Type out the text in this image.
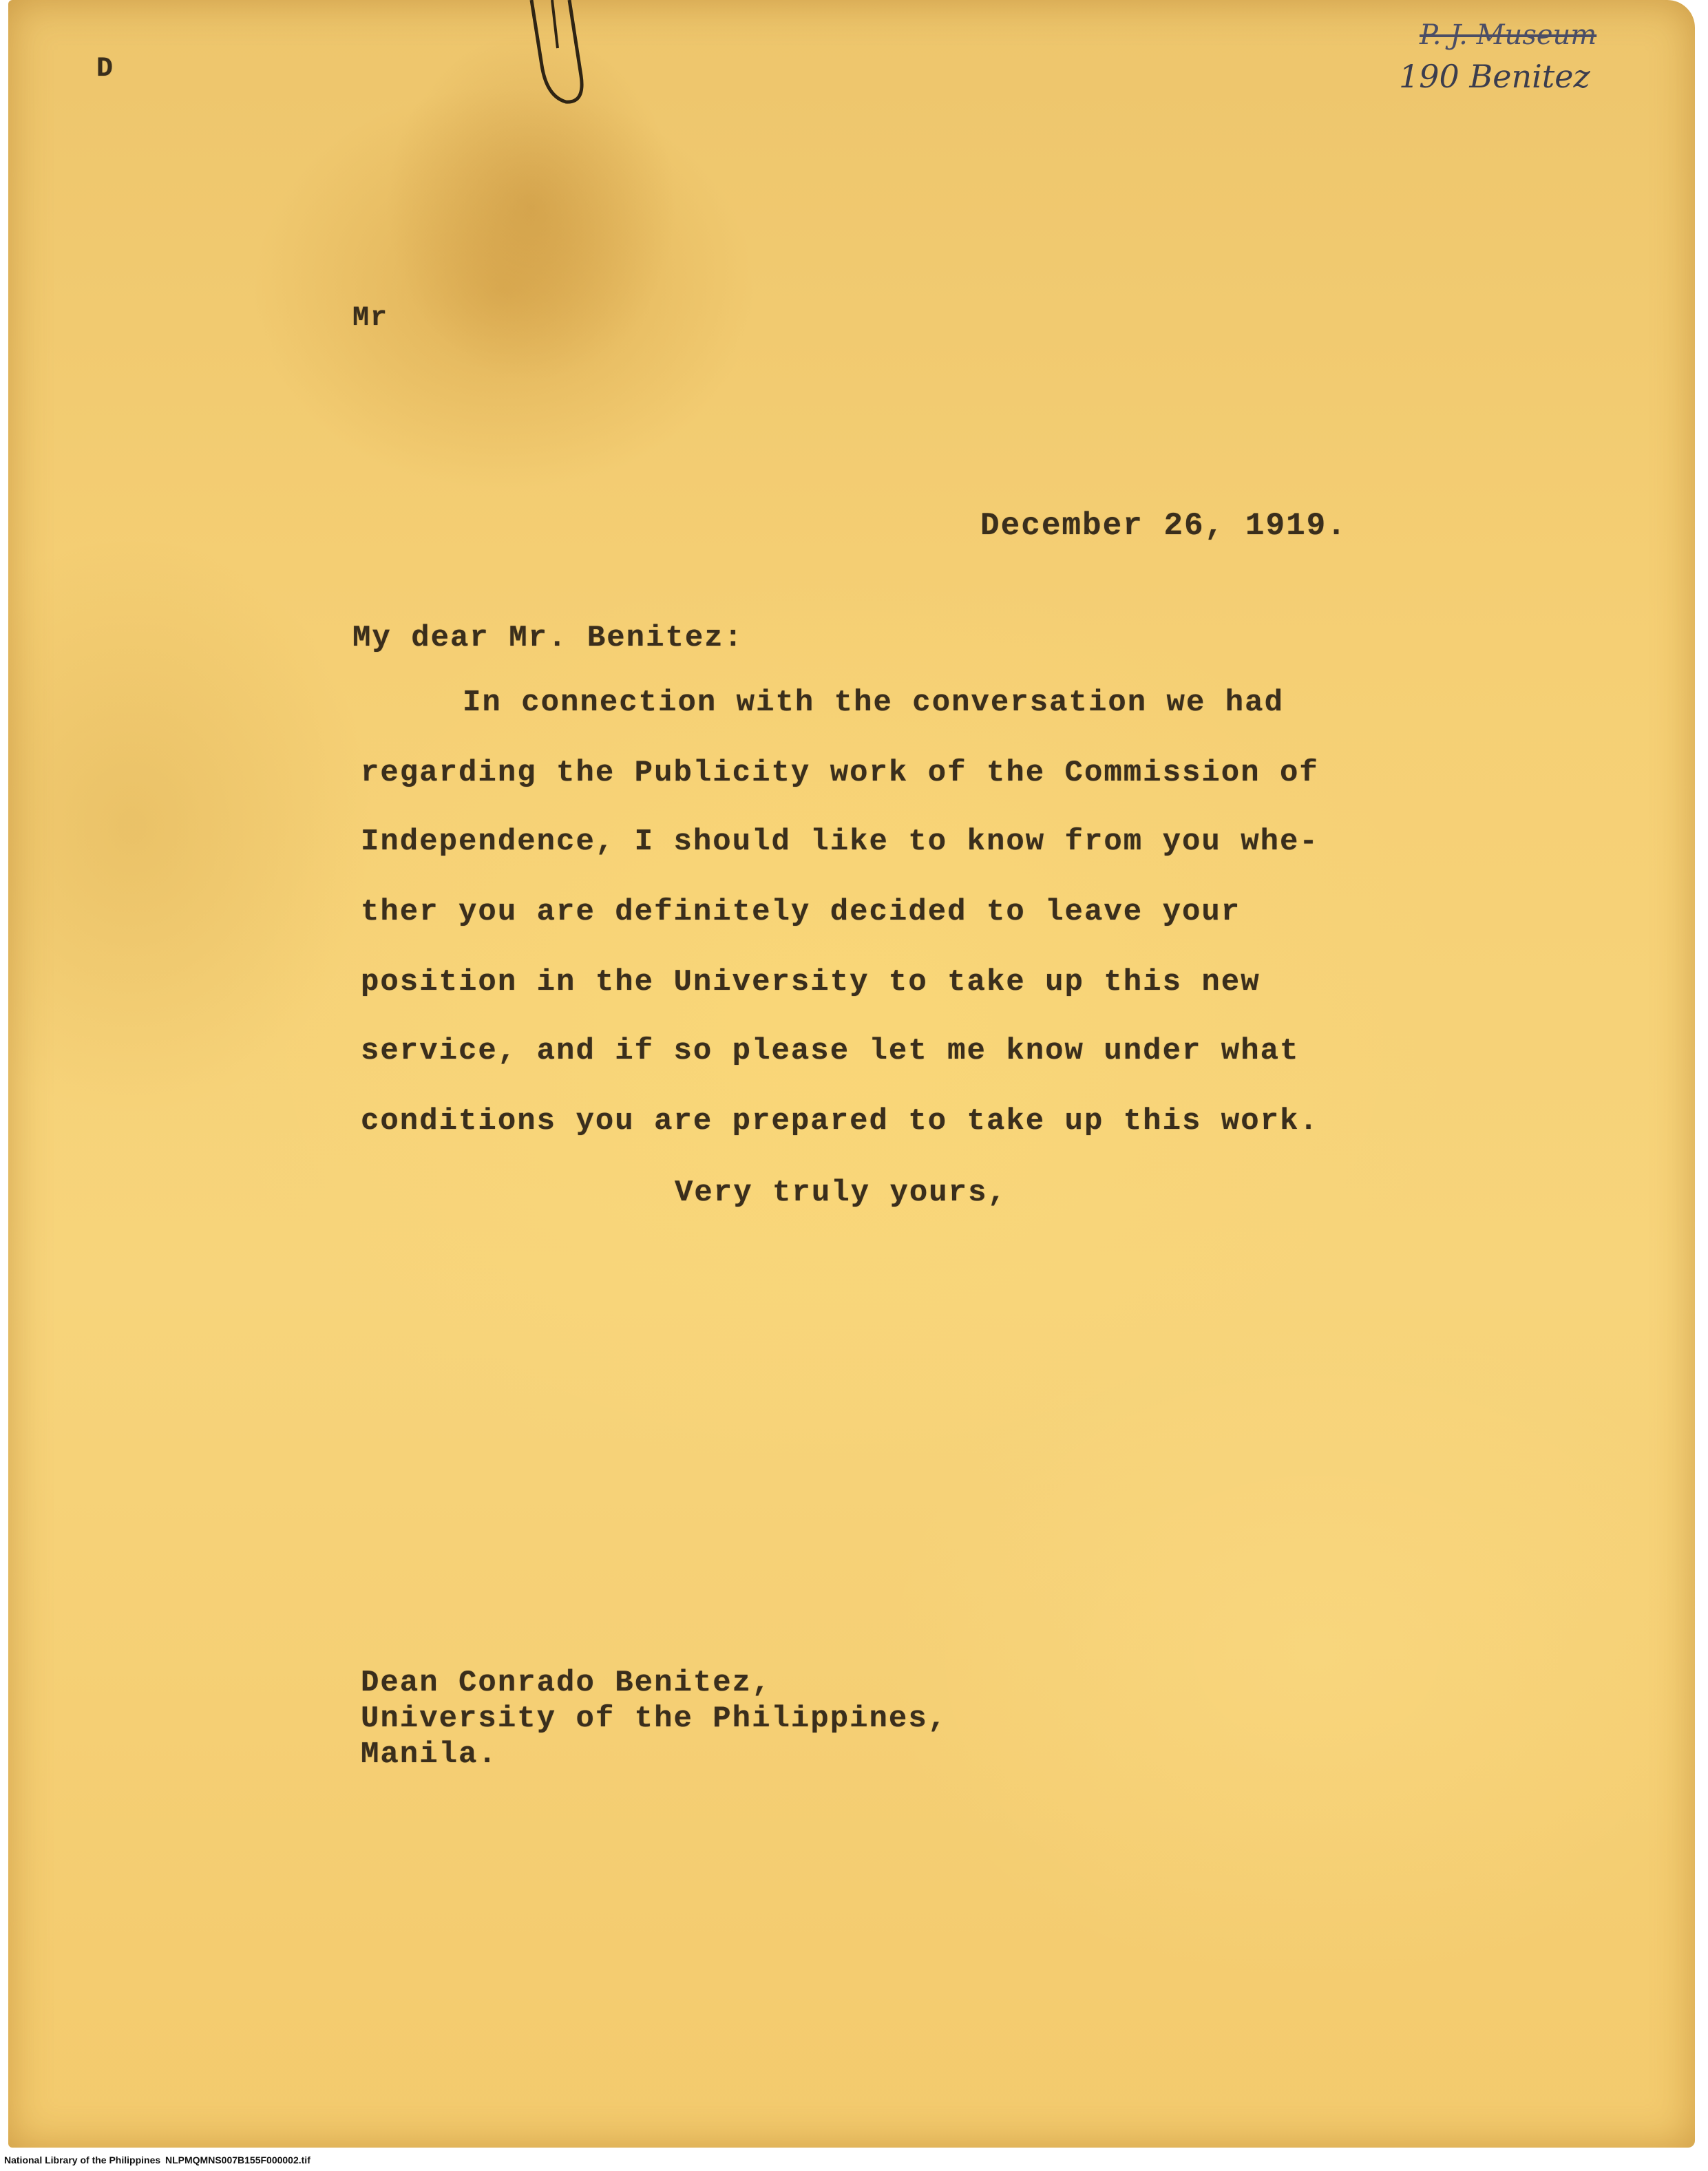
D
P. J. Museum
190 Benitez
Mr
December 26, 1919.
My dear Mr. Benitez:
In connection with the conversation we had
regarding the Publicity work of the Commission of
Independence, I should like to know from you whe-
ther you are definitely decided to leave your
position in the University to take up this new
service, and if so please let me know under what
conditions you are prepared to take up this work.
Very truly yours,
Dean Conrado Benitez,
University of the Philippines,
Manila.
National Library of the Philippines NLPMQMNS007B155F000002.tif
